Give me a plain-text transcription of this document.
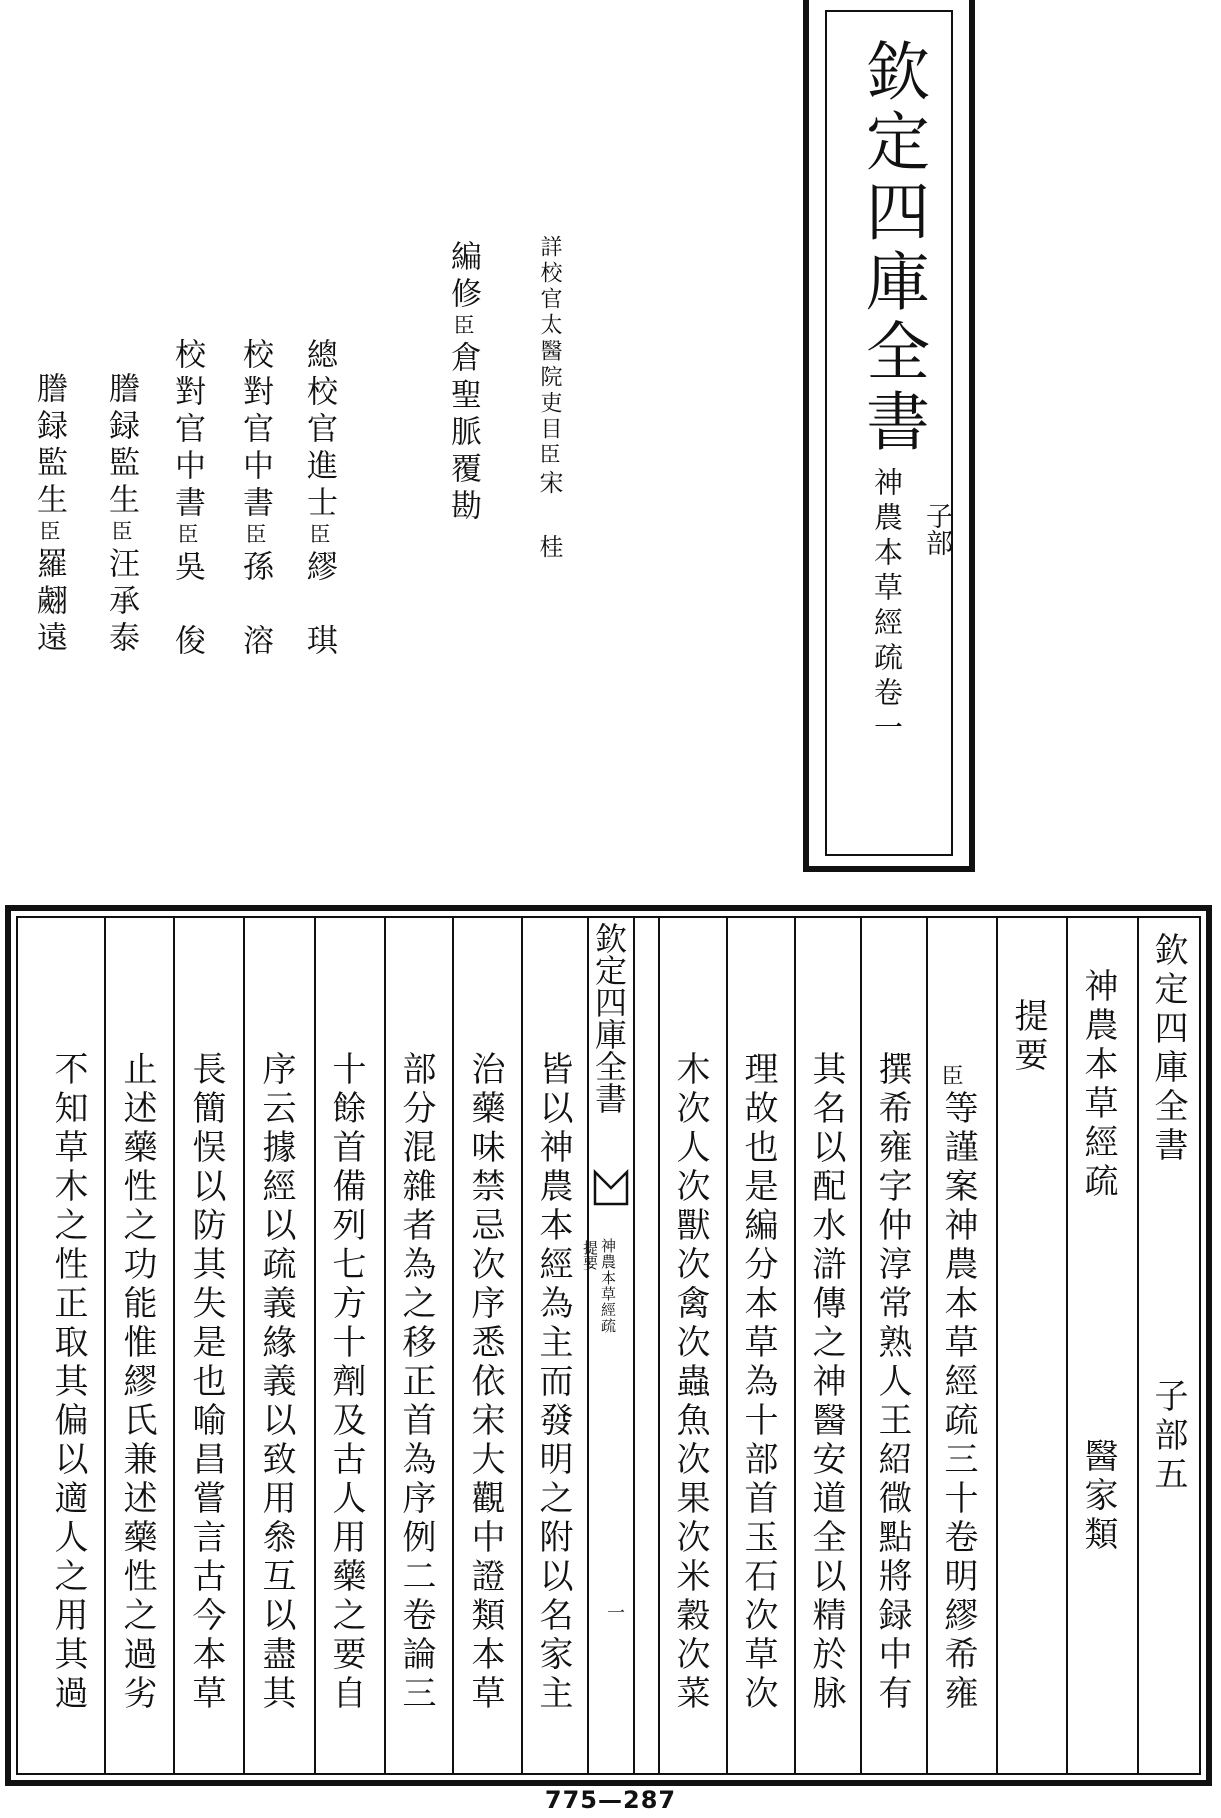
欽定四庫全書
子部
神農本草經疏卷一
詳校官太醫院吏目臣宋 桂
編修臣倉聖脈覆勘
總校官進士臣繆　琪
校對官中書臣孫　溶
校對官中書臣吳　俊
謄録監生臣汪承泰
謄録監生臣羅翽遠
欽定四庫全書
子部五
神農本草經疏
醫家類
提要
臣
等謹案神農本草經疏三十卷明繆希雍
撰希雍字仲淳常熟人王紹㣲點將録中有
其名以配水滸傳之神醫安道全以精於脉
理故也是編分本草為十部首玉石次草次
木次人次獸次禽次蟲魚次果次米穀次菜
欽定四庫全書
神農本草經疏
提要
一
皆以神農本經為主而發明之附以名家主
治藥味禁忌次序悉依宋大觀中證類本草
部分混雜者為之移正首為序例二卷論三
十餘首備列七方十劑及古人用藥之要自
序云據經以疏義緣義以致用叅互以盡其
長簡悮以防其失是也喻昌嘗言古今本草
止述藥性之功能惟繆氏兼述藥性之過劣
不知草木之性正取其偏以適人之用其過
775—287
